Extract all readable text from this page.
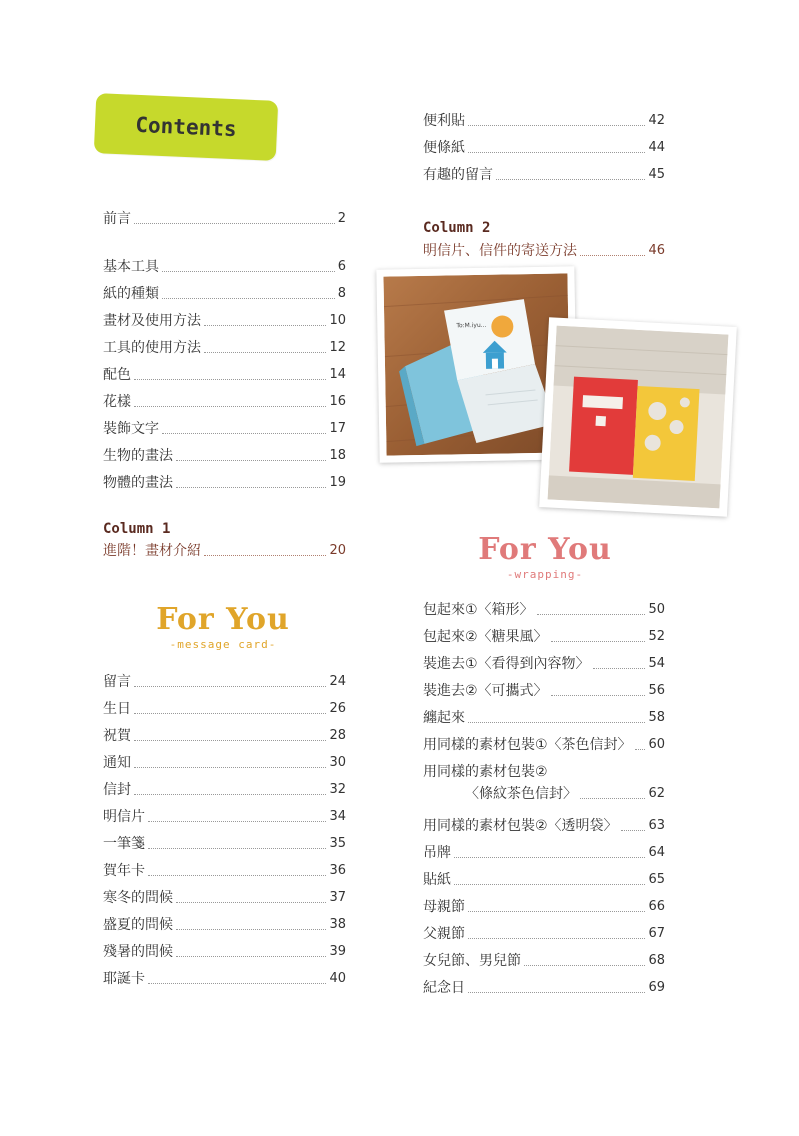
Contents
前言	2
基本工具	6
紙的種類	8
畫材及使用方法	10
工具的使用方法	12
配色	14
花樣	16
裝飾文字	17
生物的畫法	18
物體的畫法	19
Column 1
進階！畫材介紹	20
For You
-message card-
留言	24
生日	26
祝賀	28
通知	30
信封	32
明信片	34
一筆箋	35
賀年卡	36
寒冬的問候	37
盛夏的問候	38
殘暑的問候	39
耶誕卡	40
便利貼	42
便條紙	44
有趣的留言	45
Column 2
明信片、信件的寄送方法	46
To:M.iyu...
For You
-wrapping-
包起來①〈箱形〉	50
包起來②〈糖果風〉	52
裝進去①〈看得到內容物〉	54
裝進去②〈可攜式〉	56
纏起來	58
用同樣的素材包裝①〈茶色信封〉 60
用同樣的素材包裝②
〈條紋茶色信封〉	62
用同樣的素材包裝②〈透明袋〉 63
吊牌	64
貼紙	65
母親節	66
父親節	67
女兒節、男兒節	68
紀念日	69
